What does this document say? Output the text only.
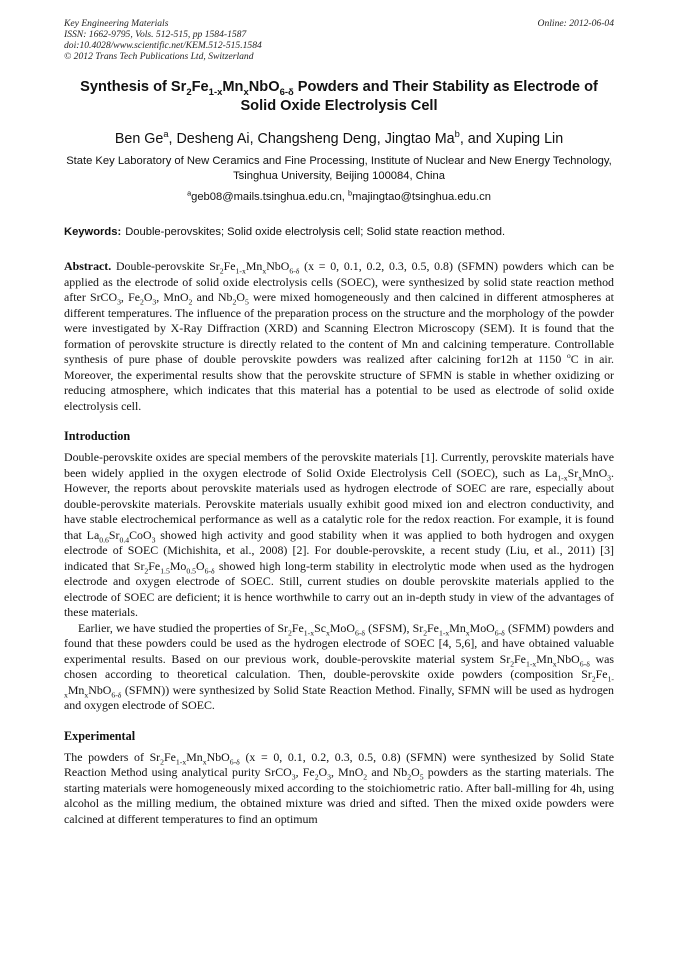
Key Engineering Materials
ISSN: 1662-9795, Vols. 512-515, pp 1584-1587
doi:10.4028/www.scientific.net/KEM.512-515.1584
© 2012 Trans Tech Publications Ltd, Switzerland
Online: 2012-06-04
Synthesis of $Sr_2Fe_{1-x}Mn_xNbO_{6-\delta}$ Powders and Their Stability as Electrode of Solid Oxide Electrolysis Cell
Ben Ge$^a$, Desheng Ai, Changsheng Deng, Jingtao Ma$^b$, and Xuping Lin
State Key Laboratory of New Ceramics and Fine Processing, Institute of Nuclear and New Energy Technology, Tsinghua University, Beijing 100084, China
$^a$geb08@mails.tsinghua.edu.cn, $^b$majingtao@tsinghua.edu.cn
Keywords: Double-perovskites; Solid oxide electrolysis cell; Solid state reaction method.

Abstract. Double-perovskite $Sr_2Fe_{1-x}Mn_xNbO_{6-\delta}$ (x = 0, 0.1, 0.2, 0.3, 0.5, 0.8) (SFMN) powders which can be applied as the electrode of solid oxide electrolysis cells (SOEC), were synthesized by solid state reaction method after SrCO$_3$, $Fe_2O_3$, MnO$_2$ and $Nb_2O_5$ were mixed homogeneously and then calcined in different atmospheres at different temperatures. The influence of the preparation process on the structure and the morphology of the powder were investigated by X-Ray Diffraction (XRD) and Scanning Electron Microscopy (SEM). It is found that the formation of perovskite structure is directly related to the content of Mn and calcining temperature. Controllable synthesis of pure phase of double perovskite powders was realized after calcining for12h at 1150 $^o$C in air. Moreover, the experimental results show that the perovskite structure of SFMN is stable in whether oxidizing or reducing atmosphere, which indicates that this material has a potential to be used as electrode of solid oxide electrolysis cell.

Introduction

Double-perovskite oxides are special members of the perovskite materials [1]. Currently, perovskite materials have been widely applied in the oxygen electrode of Solid Oxide Electrolysis Cell (SOEC), such as $La_{1-x}Sr_xMnO_3$. However, the reports about perovskite materials used as hydrogen electrode of SOEC are rare, especially about double-perovskite materials. Perovskite materials usually exhibit good mixed ion and electron conductivity, and have stable electrochemical performance as well as a catalytic role for the redox reaction. For example, it is found that $La_{0.6}Sr_{0.4}CoO_3$ showed high activity and good stability when it was applied to both hydrogen and oxygen electrode of SOEC (Michishita, et al., 2008) [2]. For double-perovskite, a recent study (Liu, et al., 2011) [3] indicated that $Sr_2Fe_{1.5}Mo_{0.5}O_{6-\delta}$ showed high long-term stability in electrolytic mode when used as the hydrogen electrode and oxygen electrode of SOEC. Still, current studies on double perovskite materials applied to the electrode of SOEC are deficient; it is hence worthwhile to carry out an in-depth study in view of the advantages of these materials.

Earlier, we have studied the properties of $Sr_2Fe_{1-x}Sc_xMoO_{6-\delta}$ (SFSM), $Sr_2Fe_{1-x}Mn_xMoO_{6-\delta}$ (SFMM) powders and found that these powders could be used as the hydrogen electrode of SOEC [4, 5,6], and have obtained valuable experimental results. Based on our previous work, double-perovskite material system $Sr_2Fe_{1-x}Mn_xNbO_{6-\delta}$ was chosen according to theoretical calculation. Then, double-perovskite oxide powders (composition $Sr_2Fe_{1-x}Mn_xNbO_{6-\delta}$ (SFMN)) were synthesized by Solid State Reaction Method. Finally, SFMN will be used as hydrogen and oxygen electrode of SOEC.

Experimental

The powders of $Sr_2Fe_{1-x}Mn_xNbO_{6-\delta}$ (x = 0, 0.1, 0.2, 0.3, 0.5, 0.8) (SFMN) were synthesized by Solid State Reaction Method using analytical purity SrCO$_3$, $Fe_2O_3$, MnO$_2$ and $Nb_2O_5$ powders as the starting materials. The starting materials were homogeneously mixed according to the stoichiometric ratio. After ball-milling for 4h, using alcohol as the milling medium, the obtained mixture was dried and sifted. Then the mixed oxide powders were calcined at different temperatures to find an optimum
